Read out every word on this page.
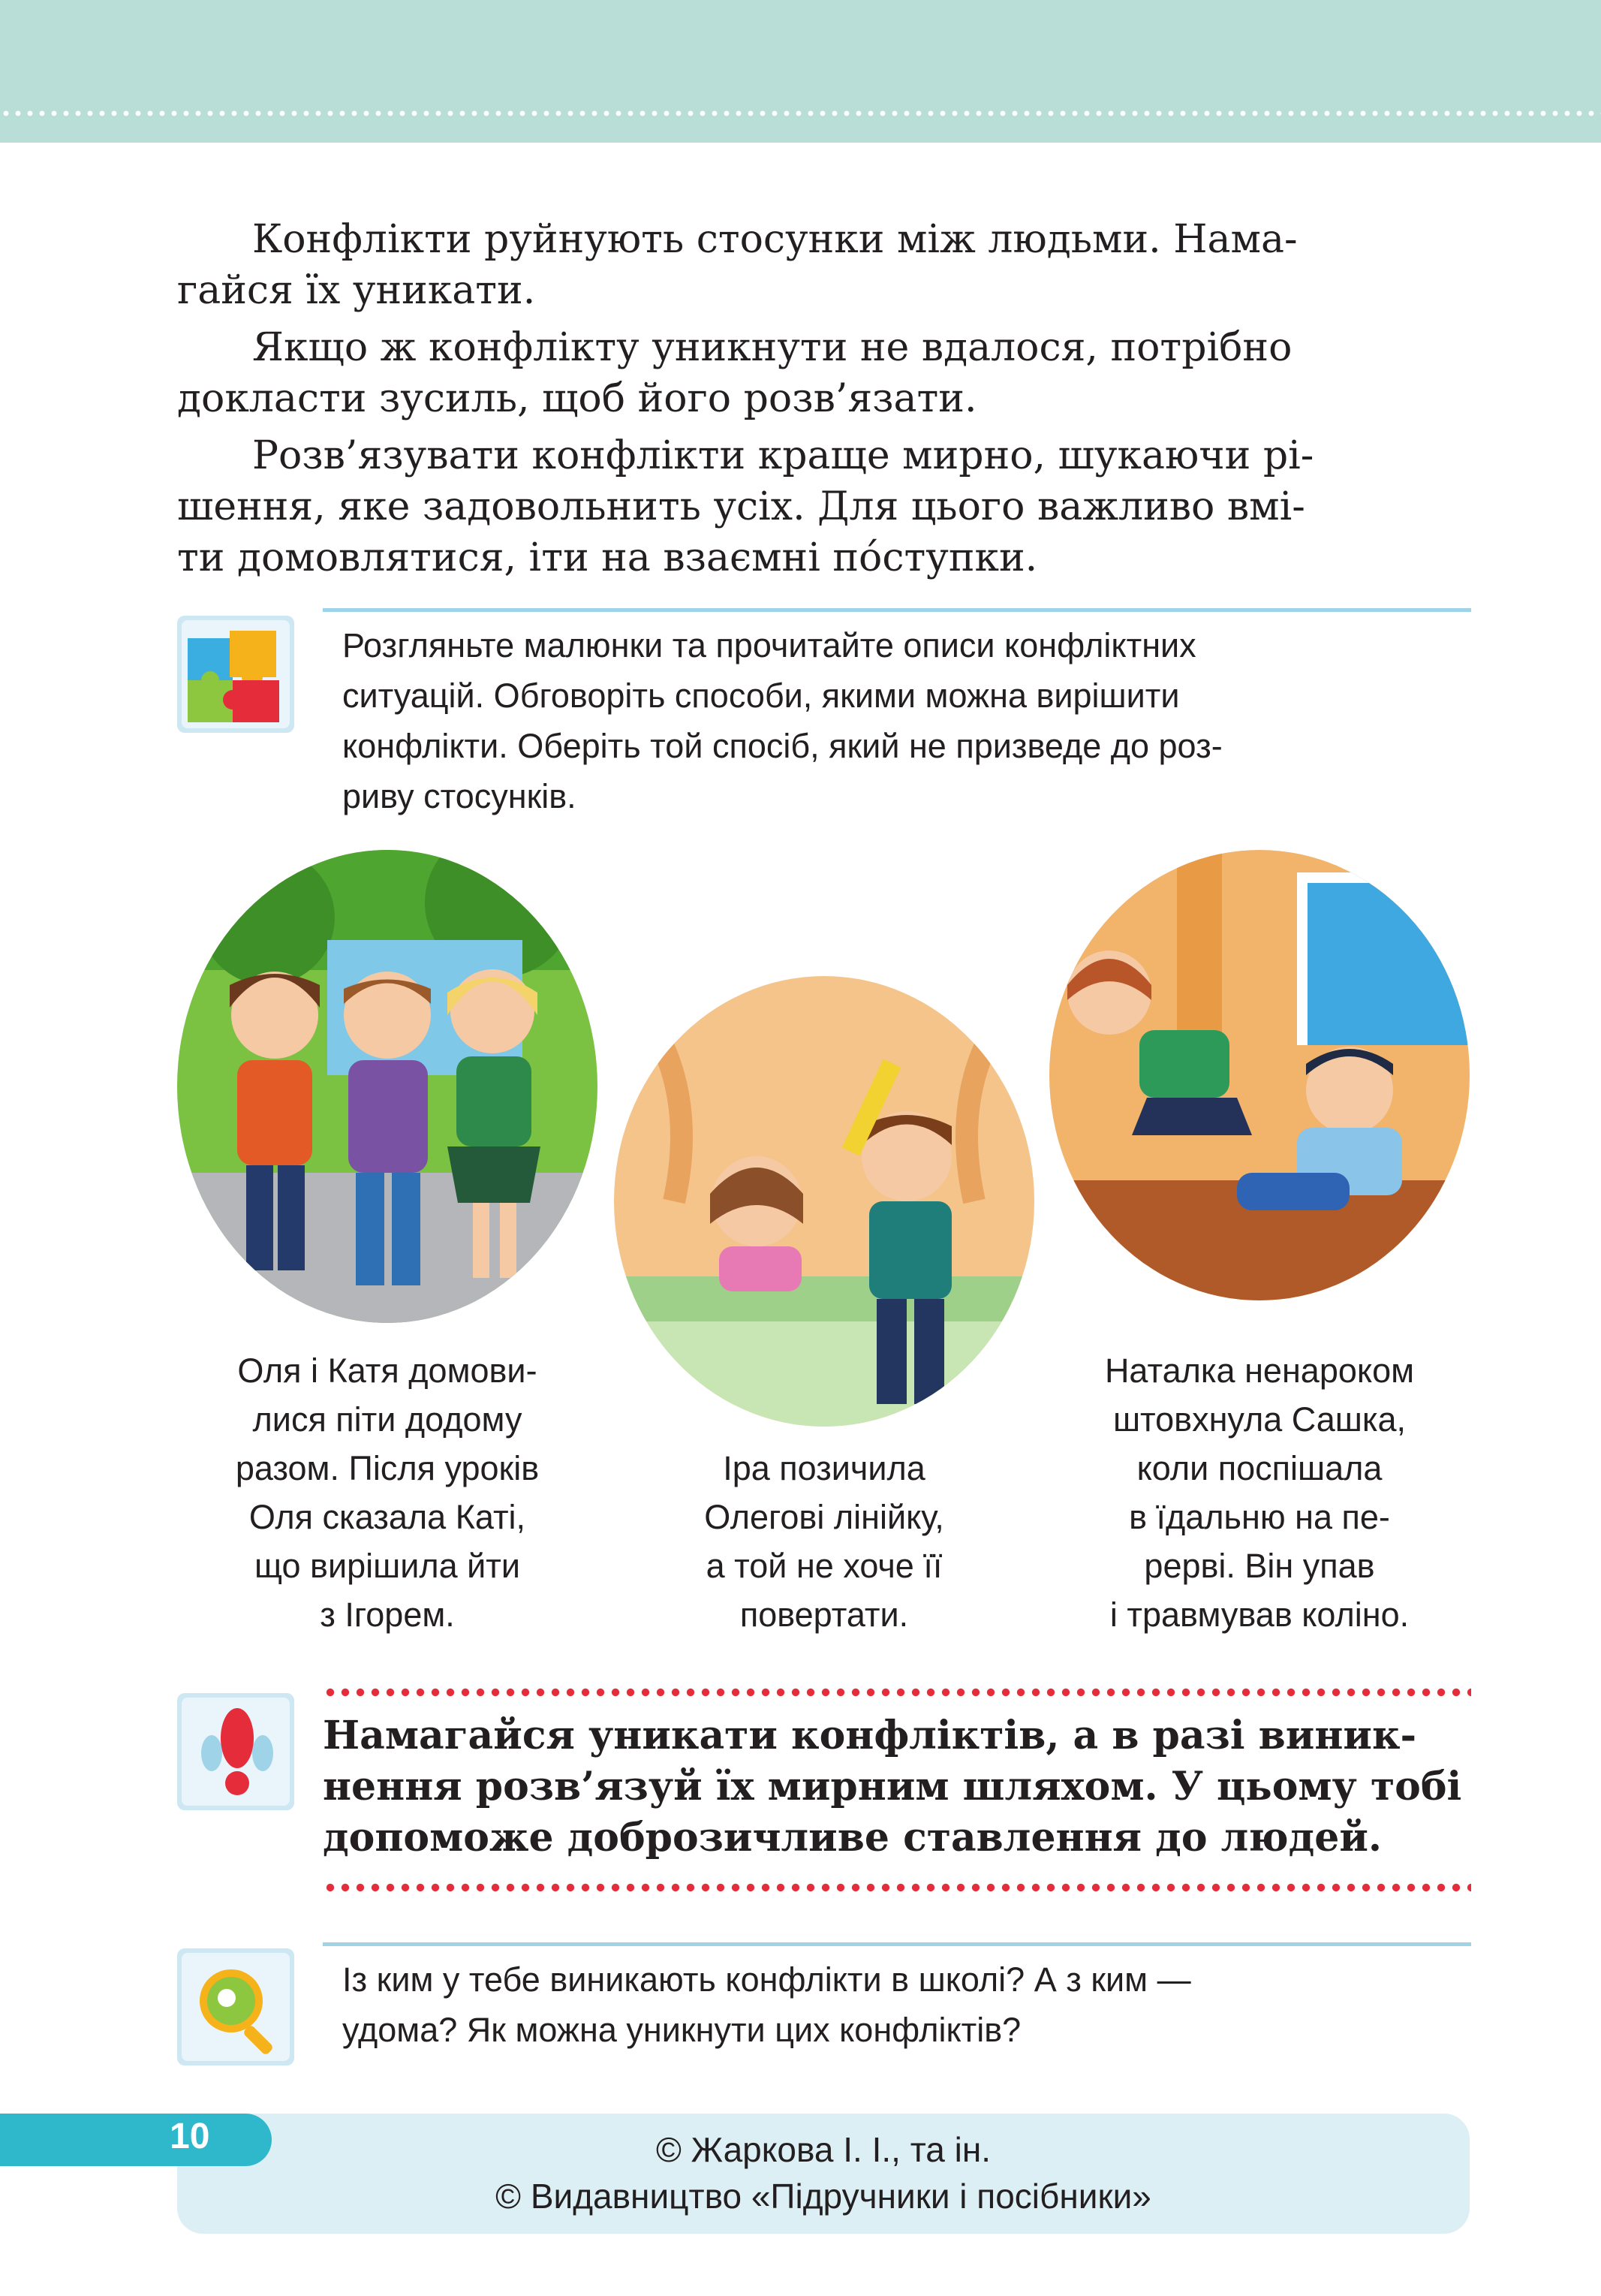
Конфлікти руйнують стосунки між людьми. Нама-

гайся їх уникати.

Якщо ж конфлікту уникнути не вдалося, потрібно

докласти зусиль, щоб його розв’язати.

Розв’язувати конфлікти краще мирно, шукаючи рі-

шення, яке задовольнить усіх. Для цього важливо вмі-

ти домовлятися, іти на взаємні пóступки.

Розгляньте малюнки та прочитайте описи конфліктних

ситуацій. Обговоріть способи, якими можна вирішити

конфлікти. Оберіть той спосіб, який не призведе до роз-

риву стосунків.

Оля і Катя домови-

лися піти додому

разом. Після уроків

Оля сказала Каті,

що вирішила йти

з Ігорем.

Іра позичила

Олегові лінійку,

а той не хоче її

повертати.

Наталка ненароком

штовхнула Сашка,

коли поспішала

в їдальню на пе-

рерві. Він упав

і травмував коліно.

Намагайся уникати конфліктів, а в разі виник-

нення розв’язуй їх мирним шляхом. У цьому тобі

допоможе доброзичливе ставлення до людей.

Із ким у тебе виникають конфлікти в школі? А з ким —

удома? Як можна уникнути цих конфліктів?

10	© Жаркова І. І., та ін.
© Видавництво «Підручники і посібники»
